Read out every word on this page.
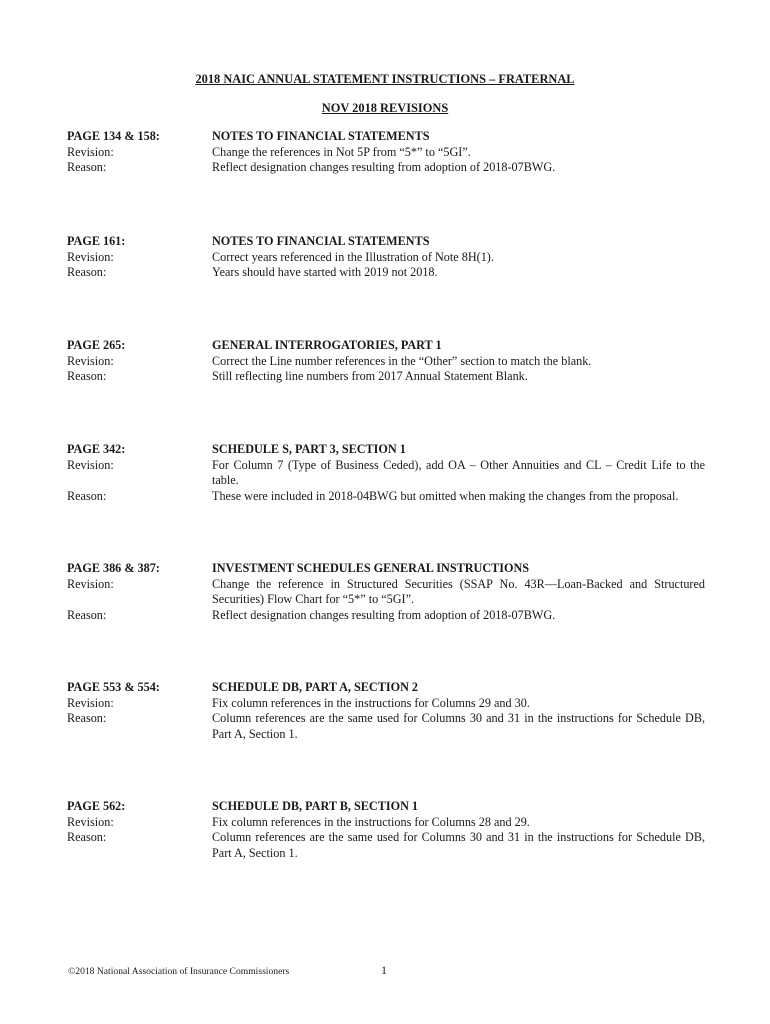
2018 NAIC ANNUAL STATEMENT INSTRUCTIONS – FRATERNAL
NOV 2018 REVISIONS
PAGE 134 & 158:	NOTES TO FINANCIAL STATEMENTS
Revision:	Change the references in Not 5P from “5*” to “5GI”.
Reason:	Reflect designation changes resulting from adoption of 2018-07BWG.
PAGE 161:	NOTES TO FINANCIAL STATEMENTS
Revision:	Correct years referenced in the Illustration of Note 8H(1).
Reason:	Years should have started with 2019 not 2018.
PAGE 265:	GENERAL INTERROGATORIES, PART 1
Revision:	Correct the Line number references in the “Other” section to match the blank.
Reason:	Still reflecting line numbers from 2017 Annual Statement Blank.
PAGE 342:	SCHEDULE S, PART 3, SECTION 1
Revision:	For Column 7 (Type of Business Ceded), add OA – Other Annuities and CL – Credit Life to the table.
Reason:	These were included in 2018-04BWG but omitted when making the changes from the proposal.
PAGE 386 & 387:	INVESTMENT SCHEDULES GENERAL INSTRUCTIONS
Revision:	Change the reference in Structured Securities (SSAP No. 43R—Loan-Backed and Structured Securities) Flow Chart for “5*” to “5GI”.
Reason:	Reflect designation changes resulting from adoption of 2018-07BWG.
PAGE 553 & 554:	SCHEDULE DB, PART A, SECTION 2
Revision:	Fix column references in the instructions for Columns 29 and 30.
Reason:	Column references are the same used for Columns 30 and 31 in the instructions for Schedule DB, Part A, Section 1.
PAGE 562:	SCHEDULE DB, PART B, SECTION 1
Revision:	Fix column references in the instructions for Columns 28 and 29.
Reason:	Column references are the same used for Columns 30 and 31 in the instructions for Schedule DB, Part A, Section 1.
©2018 National Association of Insurance Commissioners	1
